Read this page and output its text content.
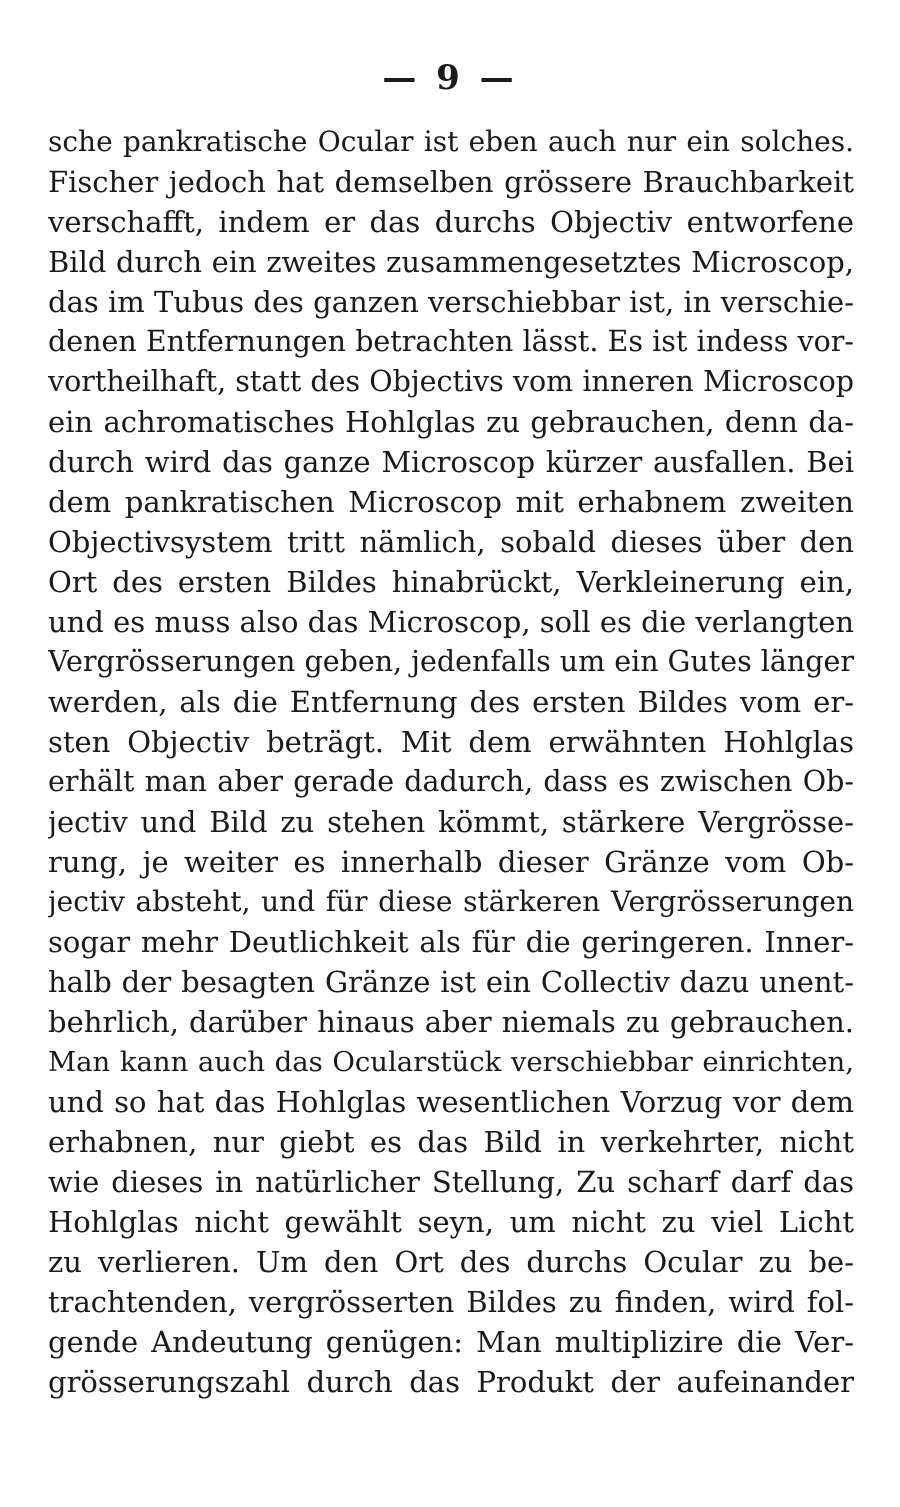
— 9 —
sche pankratische Ocular ist eben auch nur ein solches.
Fischer jedoch hat demselben grössere Brauchbarkeit
verschafft, indem er das durchs Objectiv entworfene
Bild durch ein zweites zusammengesetztes Microscop,
das im Tubus des ganzen verschiebbar ist, in verschie-
denen Entfernungen betrachten lässt. Es ist indess vor-
vortheilhaft, statt des Objectivs vom inneren Microscop
ein achromatisches Hohlglas zu gebrauchen, denn da-
durch wird das ganze Microscop kürzer ausfallen. Bei
dem pankratischen Microscop mit erhabnem zweiten
Objectivsystem tritt nämlich, sobald dieses über den
Ort des ersten Bildes hinabrückt, Verkleinerung ein,
und es muss also das Microscop, soll es die verlangten
Vergrösserungen geben, jedenfalls um ein Gutes länger
werden, als die Entfernung des ersten Bildes vom er-
sten Objectiv beträgt. Mit dem erwähnten Hohlglas
erhält man aber gerade dadurch, dass es zwischen Ob-
jectiv und Bild zu stehen kömmt, stärkere Vergrösse-
rung, je weiter es innerhalb dieser Gränze vom Ob-
jectiv absteht, und für diese stärkeren Vergrösserungen
sogar mehr Deutlichkeit als für die geringeren. Inner-
halb der besagten Gränze ist ein Collectiv dazu unent-
behrlich, darüber hinaus aber niemals zu gebrauchen.
Man kann auch das Ocularstück verschiebbar einrichten,
und so hat das Hohlglas wesentlichen Vorzug vor dem
erhabnen, nur giebt es das Bild in verkehrter, nicht
wie dieses in natürlicher Stellung, Zu scharf darf das
Hohlglas nicht gewählt seyn, um nicht zu viel Licht
zu verlieren. Um den Ort des durchs Ocular zu be-
trachtenden, vergrösserten Bildes zu finden, wird fol-
gende Andeutung genügen: Man multiplizire die Ver-
grösserungszahl durch das Produkt der aufeinander
